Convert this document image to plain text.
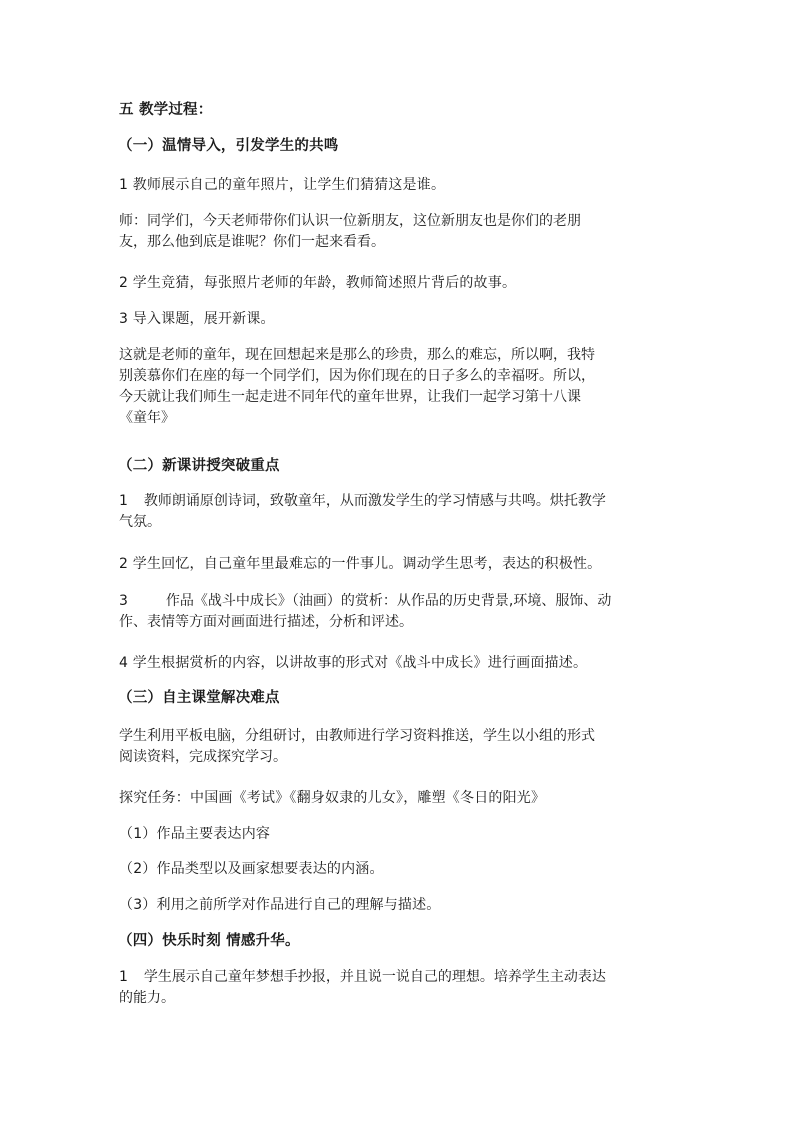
五 教学过程：
（一）温情导入，引发学生的共鸣
1 教师展示自己的童年照片，让学生们猜猜这是谁。
师：同学们，今天老师带你们认识一位新朋友，这位新朋友也是你们的老朋
友，那么他到底是谁呢？你们一起来看看。
2 学生竞猜，每张照片老师的年龄，教师简述照片背后的故事。
3 导入课题，展开新课。
这就是老师的童年，现在回想起来是那么的珍贵，那么的难忘，所以啊，我特
别羡慕你们在座的每一个同学们，因为你们现在的日子多么的幸福呀。所以，
今天就让我们师生一起走进不同年代的童年世界，让我们一起学习第十八课
《童年》
（二）新课讲授突破重点
1 教师朗诵原创诗词，致敬童年，从而激发学生的学习情感与共鸣。烘托教学
气氛。
2 学生回忆，自己童年里最难忘的一件事儿。调动学生思考，表达的积极性。
3	作品《战斗中成长》（油画）的赏析：从作品的历史背景,环境、服饰、动
作、表情等方面对画面进行描述，分析和评述。
4 学生根据赏析的内容，以讲故事的形式对《战斗中成长》进行画面描述。
（三）自主课堂解决难点
学生利用平板电脑，分组研讨，由教师进行学习资料推送，学生以小组的形式
阅读资料，完成探究学习。
探究任务：中国画《考试》《翻身奴隶的儿女》，雕塑《冬日的阳光》
（1）作品主要表达内容
（2）作品类型以及画家想要表达的内涵。
（3）利用之前所学对作品进行自己的理解与描述。
（四）快乐时刻 情感升华。
1 学生展示自己童年梦想手抄报，并且说一说自己的理想。培养学生主动表达
的能力。
